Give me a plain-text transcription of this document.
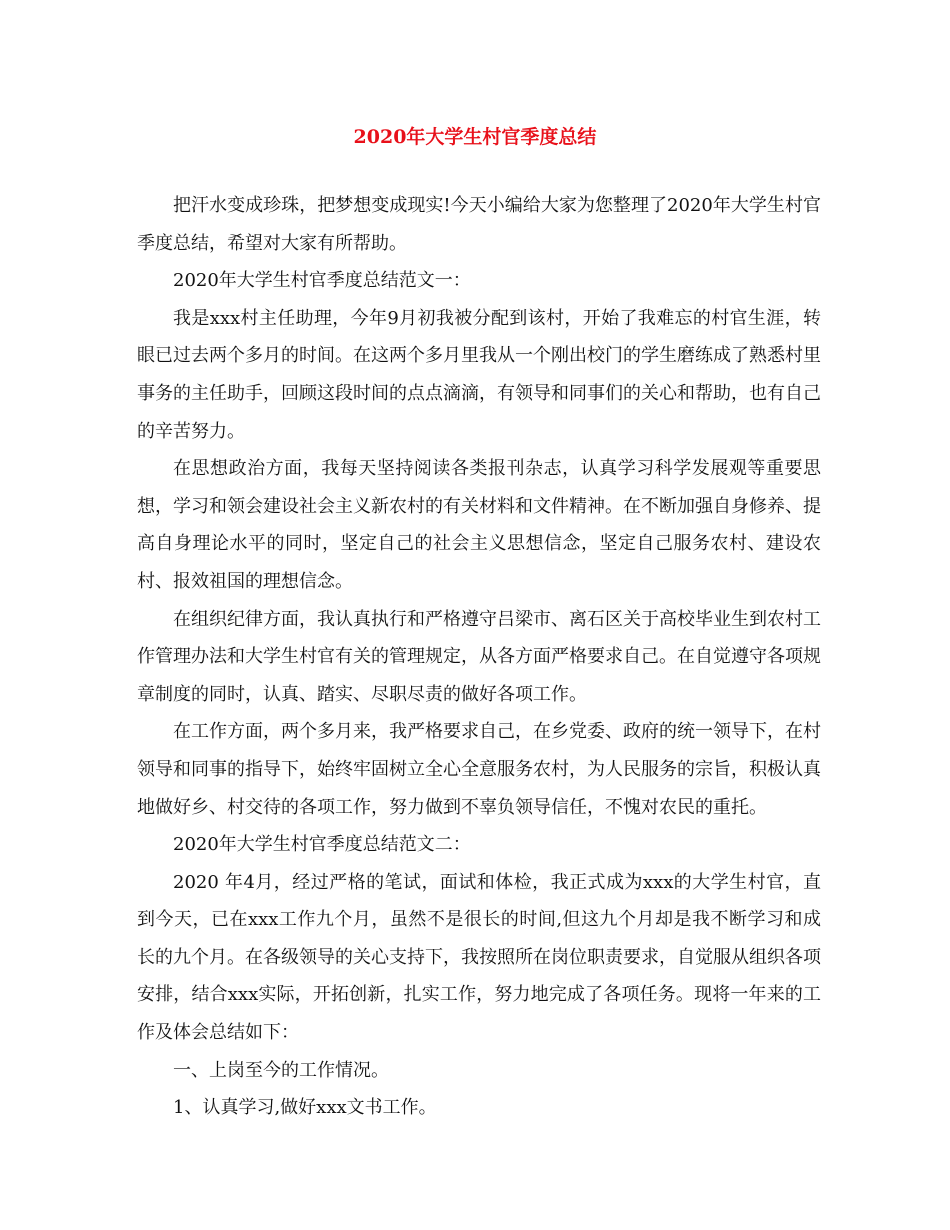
2020年大学生村官季度总结

把汗水变成珍珠，把梦想变成现实!今天小编给大家为您整理了2020年大学生村官季度总结，希望对大家有所帮助。

2020年大学生村官季度总结范文一：

我是xxx村主任助理，今年9月初我被分配到该村，开始了我难忘的村官生涯，转眼已过去两个多月的时间。在这两个多月里我从一个刚出校门的学生磨练成了熟悉村里事务的主任助手，回顾这段时间的点点滴滴，有领导和同事们的关心和帮助，也有自己的辛苦努力。

在思想政治方面，我每天坚持阅读各类报刊杂志，认真学习科学发展观等重要思想，学习和领会建设社会主义新农村的有关材料和文件精神。在不断加强自身修养、提高自身理论水平的同时，坚定自己的社会主义思想信念，坚定自己服务农村、建设农村、报效祖国的理想信念。

在组织纪律方面，我认真执行和严格遵守吕梁市、离石区关于高校毕业生到农村工作管理办法和大学生村官有关的管理规定，从各方面严格要求自己。在自觉遵守各项规章制度的同时，认真、踏实、尽职尽责的做好各项工作。

在工作方面，两个多月来，我严格要求自己，在乡党委、政府的统一领导下，在村领导和同事的指导下，始终牢固树立全心全意服务农村，为人民服务的宗旨，积极认真地做好乡、村交待的各项工作，努力做到不辜负领导信任，不愧对农民的重托。

2020年大学生村官季度总结范文二：

2020 年4月，经过严格的笔试，面试和体检，我正式成为xxx的大学生村官，直到今天，已在xxx工作九个月，虽然不是很长的时间,但这九个月却是我不断学习和成长的九个月。在各级领导的关心支持下，我按照所在岗位职责要求，自觉服从组织各项安排，结合xxx实际，开拓创新，扎实工作，努力地完成了各项任务。现将一年来的工作及体会总结如下：

一、上岗至今的工作情况。

1、认真学习,做好xxx文书工作。
